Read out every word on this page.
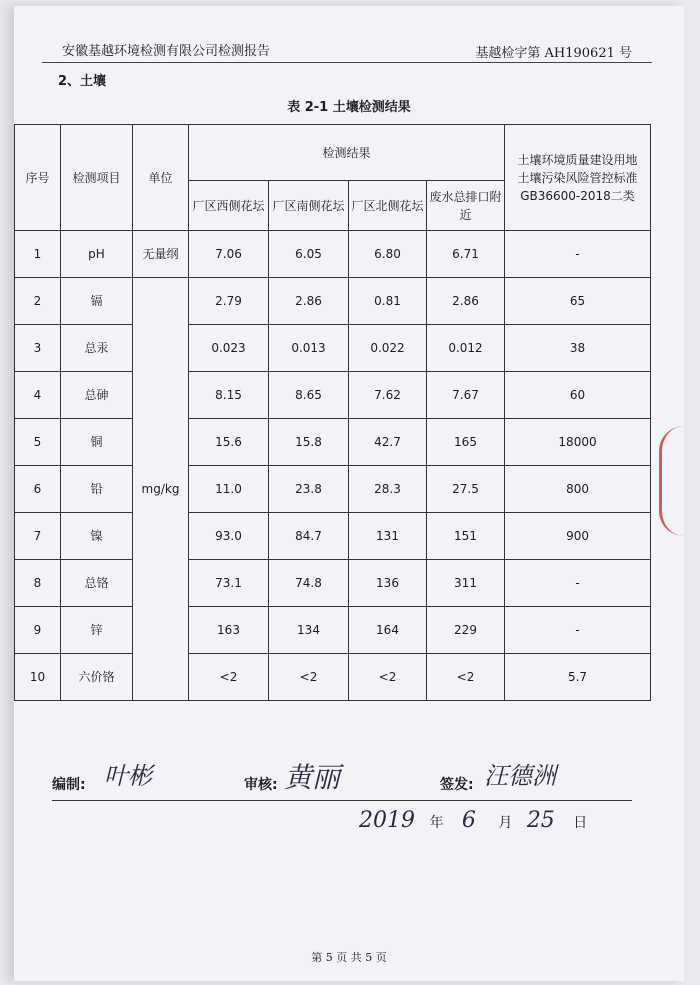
安徽基越环境检测有限公司检测报告	基越检字第 AH190621 号
2、土壤
表 2-1 土壤检测结果
序号	检测项目	单位	检测结果				土壤环境质量建设用地土壤污染风险管控标准GB36600-2018二类
			厂区西侧花坛	厂区南侧花坛	厂区北侧花坛	废水总排口附近	
1	pH	无量纲	7.06	6.05	6.80	6.71	-
2	镉	mg/kg	2.79	2.86	0.81	2.86	65
3	总汞		0.023	0.013	0.022	0.012	38
4	总砷		8.15	8.65	7.62	7.67	60
5	铜		15.6	15.8	42.7	165	18000
6	铅		11.0	23.8	28.3	27.5	800
7	镍		93.0	84.7	131	151	900
8	总铬		73.1	74.8	136	311	-
9	锌		163	134	164	229	-
10	六价铬		<2	<2	<2	<2	5.7
编制: 叶彬	审核: 黄丽	签发: 汪德洲
2019 年 6 月 25 日
第 5 页 共 5 页
